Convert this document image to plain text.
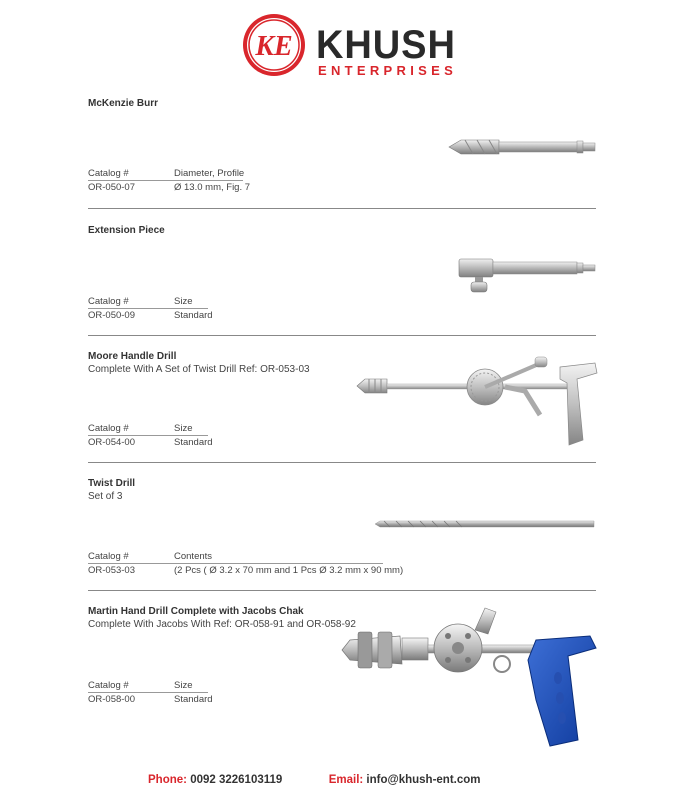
KE KHUSH
ENTERPRISES
McKenzie Burr
Catalog #	Diameter, Profile
OR-050-07	Ø 13.0 mm, Fig. 7
Extension Piece
Catalog #	Size
OR-050-09	Standard
Moore Handle Drill
Complete With A Set of Twist Drill Ref: OR-053-03
Catalog #	Size
OR-054-00	Standard
Twist Drill
Set of 3
Catalog #	Contents
OR-053-03	(2 Pcs ( Ø 3.2 x 70 mm and 1 Pcs Ø 3.2 mm x 90 mm)
Martin Hand Drill Complete with Jacobs Chak
Complete With Jacobs With Ref: OR-058-91 and OR-058-92
Catalog #	Size
OR-058-00	Standard
Phone: 0092 3226103119	Email: info@khush-ent.com
